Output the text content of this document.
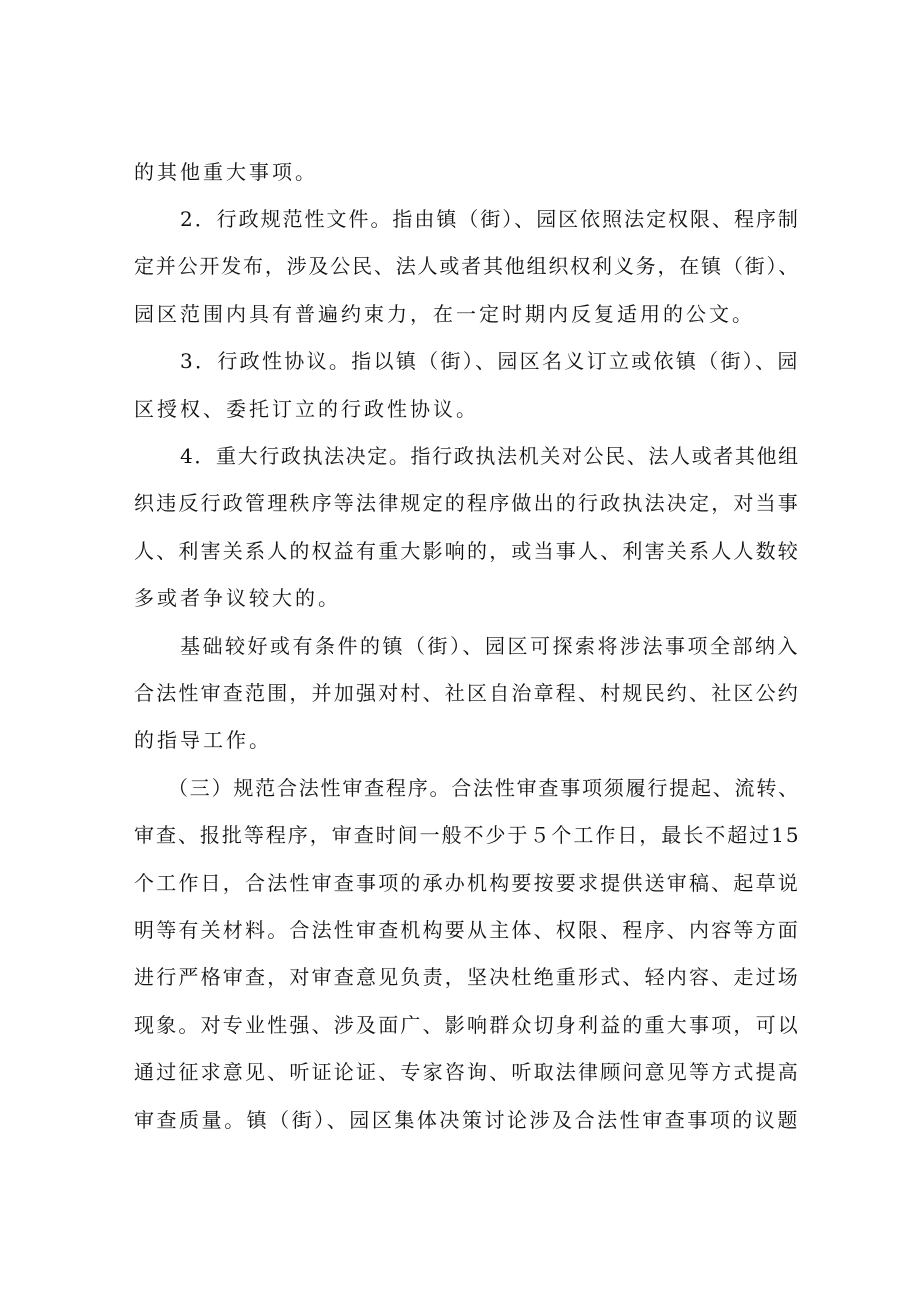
的其他重大事项。
2．行政规范性文件。指由镇（街）、园区依照法定权限、程序制
定并公开发布，涉及公民、法人或者其他组织权利义务，在镇（街）、
园区范围内具有普遍约束力，在一定时期内反复适用的公文。
3．行政性协议。指以镇（街）、园区名义订立或依镇（街）、园
区授权、委托订立的行政性协议。
4．重大行政执法决定。指行政执法机关对公民、法人或者其他组
织违反行政管理秩序等法律规定的程序做出的行政执法决定，对当事
人、利害关系人的权益有重大影响的，或当事人、利害关系人人数较
多或者争议较大的。
基础较好或有条件的镇（街）、园区可探索将涉法事项全部纳入
合法性审查范围，并加强对村、社区自治章程、村规民约、社区公约
的指导工作。
（三）规范合法性审查程序。合法性审查事项须履行提起、流转、
审查、报批等程序，审查时间一般不少于５个工作日，最长不超过15
个工作日，合法性审查事项的承办机构要按要求提供送审稿、起草说
明等有关材料。合法性审查机构要从主体、权限、程序、内容等方面
进行严格审查，对审查意见负责，坚决杜绝重形式、轻内容、走过场
现象。对专业性强、涉及面广、影响群众切身利益的重大事项，可以
通过征求意见、听证论证、专家咨询、听取法律顾问意见等方式提高
审查质量。镇（街）、园区集体决策讨论涉及合法性审查事项的议题
